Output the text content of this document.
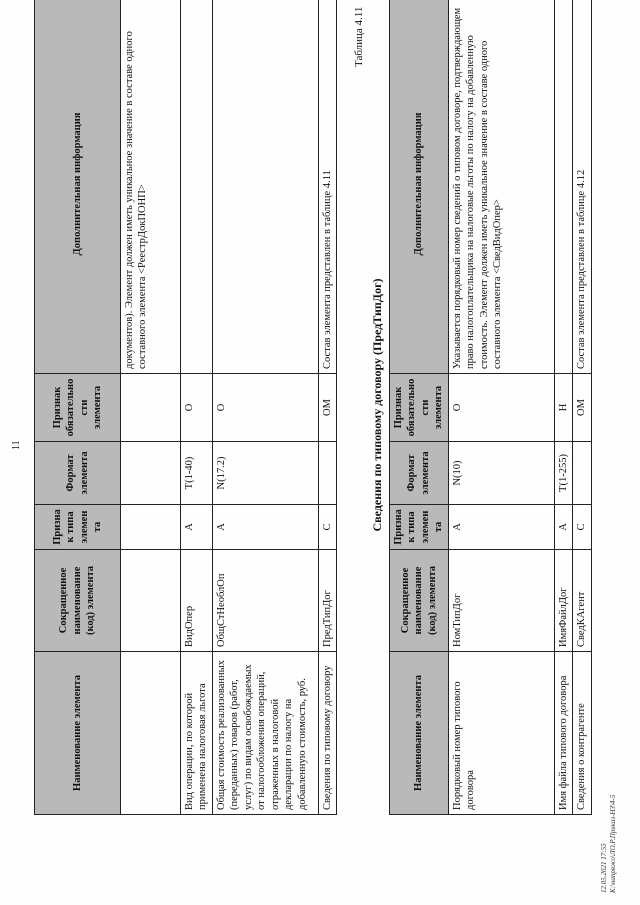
11
Наименование элемента	Сокращенное наименование (код) элемента	Признак типа элемента	Формат элемента	Признак обязательности элемента	Дополнительная информация
					документов). Элемент должен иметь уникальное значение в составе одного составного элемента <РеестрДокПОНП>
Вид операции, по которой применена налоговая льгота	ВидОпер	А	Т(1-40)	О	
Общая стоимость реализованных (переданных) товаров (работ, услуг) по видам освобождаемых от налогообложения операций, отраженных в налоговой декларации по налогу на добавленную стоимость, руб.	ОбщСтНеоблОп	А	N(17.2)	О	
Сведения по типовому договору	ПредТипДог	С		ОМ	Состав элемента представлен в таблице 4.11
Таблица 4.11
Сведения по типовому договору (ПредТипДог)
Наименование элемента	Сокращенное наименование (код) элемента	Признак типа элемента	Формат элемента	Признак обязательности элемента	Дополнительная информация
Порядковый номер типового договора	НомТипДог	А	N(10)	О	Указывается порядковый номер сведений о типовом договоре, подтверждающем право налогоплательщика на налоговые льготы по налогу на добавленную стоимость. Элемент должен иметь уникальное значение в составе одного составного элемента <СведВидОпер>
Имя файла типового договора	ИмяФайлДог	А	Т(1-255)	Н	
Сведения о контрагенте	СведКАгент	С		ОМ	Состав элемента представлен в таблице 4.12
12.05.2021 17:55 К:\напряжо\ЛО.Р.Приказ-НЗ\4-5
